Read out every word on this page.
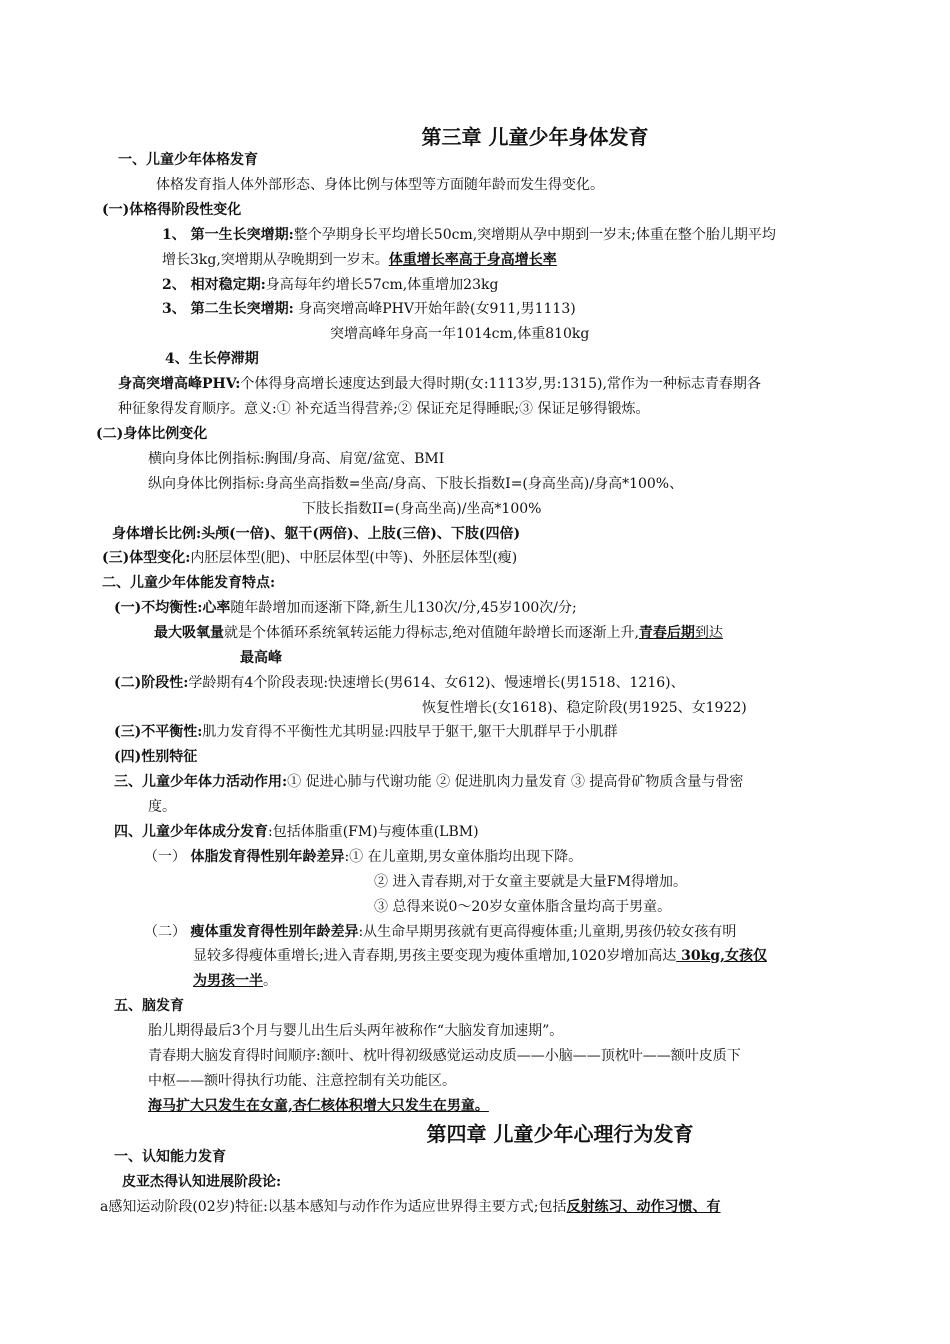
第三章 儿童少年身体发育
一、儿童少年体格发育
体格发育指人体外部形态、身体比例与体型等方面随年龄而发生得变化。
(一)体格得阶段性变化
1、 第一生长突增期:整个孕期身长平均增长50cm,突增期从孕中期到一岁末;体重在整个胎儿期平均
增长3kg,突增期从孕晚期到一岁末。体重增长率高于身高增长率
2、 相对稳定期:身高每年约增长57cm,体重增加23kg
3、 第二生长突增期: 身高突增高峰PHV开始年龄(女911,男1113)
突增高峰年身高一年1014cm,体重810kg
4、生长停滞期
身高突增高峰PHV:个体得身高增长速度达到最大得时期(女:1113岁,男:1315),常作为一种标志青春期各
种征象得发育顺序。意义:① 补充适当得营养;② 保证充足得睡眠;③ 保证足够得锻炼。
(二)身体比例变化
横向身体比例指标:胸围/身高、肩宽/盆宽、BMI
纵向身体比例指标:身高坐高指数=坐高/身高、下肢长指数I=(身高坐高)/身高*100%、
下肢长指数II=(身高坐高)/坐高*100%
身体增长比例:头颅(一倍)、躯干(两倍)、上肢(三倍)、下肢(四倍)
(三)体型变化:内胚层体型(肥)、中胚层体型(中等)、外胚层体型(瘦)
二、儿童少年体能发育特点:
(一)不均衡性:心率随年龄增加而逐渐下降,新生儿130次/分,45岁100次/分;
最大吸氧量就是个体循环系统氧转运能力得标志,绝对值随年龄增长而逐渐上升,青春后期到达
最高峰
(二)阶段性:学龄期有4个阶段表现:快速增长(男614、女612)、慢速增长(男1518、1216)、
恢复性增长(女1618)、稳定阶段(男1925、女1922)
(三)不平衡性:肌力发育得不平衡性尤其明显:四肢早于躯干,躯干大肌群早于小肌群
(四)性别特征
三、儿童少年体力活动作用:① 促进心肺与代谢功能 ② 促进肌肉力量发育 ③ 提高骨矿物质含量与骨密
度。
四、儿童少年体成分发育:包括体脂重(FM)与瘦体重(LBM)
（一） 体脂发育得性别年龄差异:① 在儿童期,男女童体脂均出现下降。
② 进入青春期,对于女童主要就是大量FM得增加。
③ 总得来说0～20岁女童体脂含量均高于男童。
（二） 瘦体重发育得性别年龄差异:从生命早期男孩就有更高得瘦体重;儿童期,男孩仍较女孩有明
显较多得瘦体重增长;进入青春期,男孩主要变现为瘦体重增加,1020岁增加高达 30kg,女孩仅
为男孩一半。
五、脑发育
胎儿期得最后3个月与婴儿出生后头两年被称作“大脑发育加速期”。
青春期大脑发育得时间顺序:额叶、枕叶得初级感觉运动皮质——小脑——顶枕叶——额叶皮质下
中枢——额叶得执行功能、注意控制有关功能区。
海马扩大只发生在女童,杏仁核体积增大只发生在男童。
第四章 儿童少年心理行为发育
一、认知能力发育
皮亚杰得认知进展阶段论:
a感知运动阶段(02岁)特征:以基本感知与动作作为适应世界得主要方式;包括反射练习、动作习惯、有
